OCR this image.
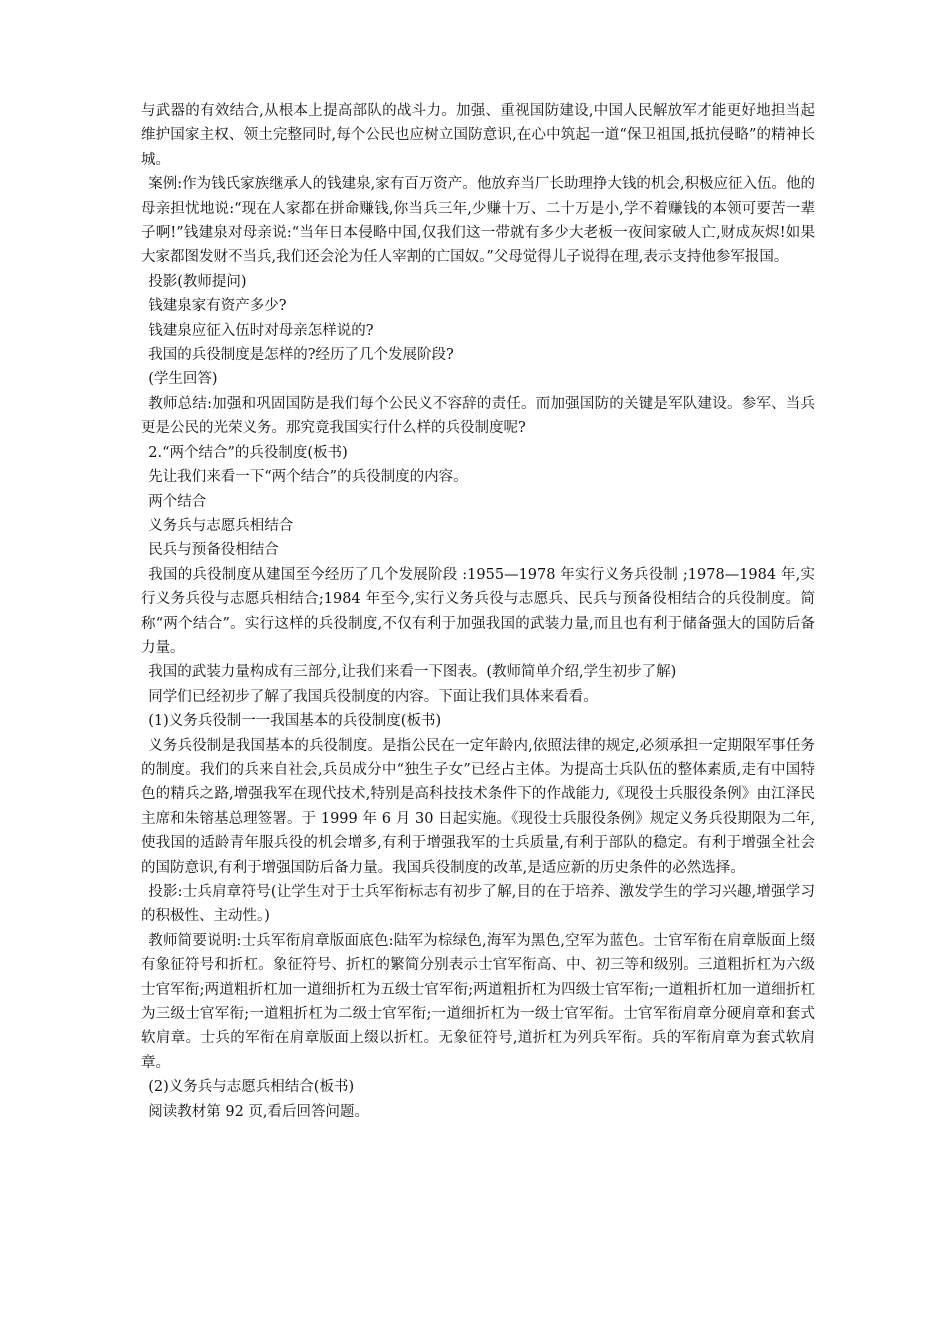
与武器的有效结合,从根本上提高部队的战斗力。加强、重视国防建设,中国人民解放军才能更好地担当起维护国家主权、领土完整同时,每个公民也应树立国防意识,在心中筑起一道“保卫祖国,抵抗侵略”的精神长城。

案例:作为钱氏家族继承人的钱建泉,家有百万资产。他放弃当厂长助理挣大钱的机会,积极应征入伍。他的母亲担忧地说:“现在人家都在拼命赚钱,你当兵三年,少赚十万、二十万是小,学不着赚钱的本领可要苦一辈子啊!”钱建泉对母亲说:“当年日本侵略中国,仅我们这一带就有多少大老板一夜间家破人亡,财成灰烬!如果大家都图发财不当兵,我们还会沦为任人宰割的亡国奴。”父母觉得儿子说得在理,表示支持他参军报国。

投影(教师提问)

钱建泉家有资产多少?

钱建泉应征入伍时对母亲怎样说的?

我国的兵役制度是怎样的?经历了几个发展阶段?

(学生回答)

教师总结:加强和巩固国防是我们每个公民义不容辞的责任。而加强国防的关键是军队建设。参军、当兵更是公民的光荣义务。那究竟我国实行什么样的兵役制度呢?

2.“两个结合”的兵役制度(板书)

先让我们来看一下“两个结合”的兵役制度的内容。

两个结合

义务兵与志愿兵相结合

民兵与预备役相结合

我国的兵役制度从建国至今经历了几个发展阶段 :1955—1978 年实行义务兵役制 ;1978—1984 年,实行义务兵役与志愿兵相结合;1984 年至今,实行义务兵役与志愿兵、民兵与预备役相结合的兵役制度。简称“两个结合”。实行这样的兵役制度,不仅有利于加强我国的武装力量,而且也有利于储备强大的国防后备力量。

我国的武装力量构成有三部分,让我们来看一下图表。(教师简单介绍,学生初步了解)

同学们已经初步了解了我国兵役制度的内容。下面让我们具体来看看。

(1)义务兵役制一一我国基本的兵役制度(板书)

义务兵役制是我国基本的兵役制度。是指公民在一定年龄内,依照法律的规定,必须承担一定期限军事任务的制度。我们的兵来自社会,兵员成分中“独生子女”已经占主体。为提高士兵队伍的整体素质,走有中国特色的精兵之路,增强我军在现代技术,特别是高科技技术条件下的作战能力,《现役士兵服役条例》由江泽民主席和朱镕基总理签署。于 1999 年 6 月 30 日起实施。《现役士兵服役条例》规定义务兵役期限为二年,使我国的适龄青年服兵役的机会增多,有利于增强我军的士兵质量,有利于部队的稳定。有利于增强全社会的国防意识,有利于增强国防后备力量。我国兵役制度的改革,是适应新的历史条件的必然选择。

投影:士兵肩章符号(让学生对于士兵军衔标志有初步了解,目的在于培养、激发学生的学习兴趣,增强学习的积极性、主动性。)

教师简要说明:士兵军衔肩章版面底色:陆军为棕绿色,海军为黑色,空军为蓝色。士官军衔在肩章版面上缀有象征符号和折杠。象征符号、折杠的繁简分别表示士官军衔高、中、初三等和级别。三道粗折杠为六级士官军衔;两道粗折杠加一道细折杠为五级士官军衔;两道粗折杠为四级士官军衔;一道粗折杠加一道细折杠为三级士官军衔;一道粗折杠为二级士官军衔;一道细折杠为一级士官军衔。士官军衔肩章分硬肩章和套式软肩章。士兵的军衔在肩章版面上缀以折杠。无象征符号,道折杠为列兵军衔。兵的军衔肩章为套式软肩章。

(2)义务兵与志愿兵相结合(板书)

阅读教材第 92 页,看后回答问题。
